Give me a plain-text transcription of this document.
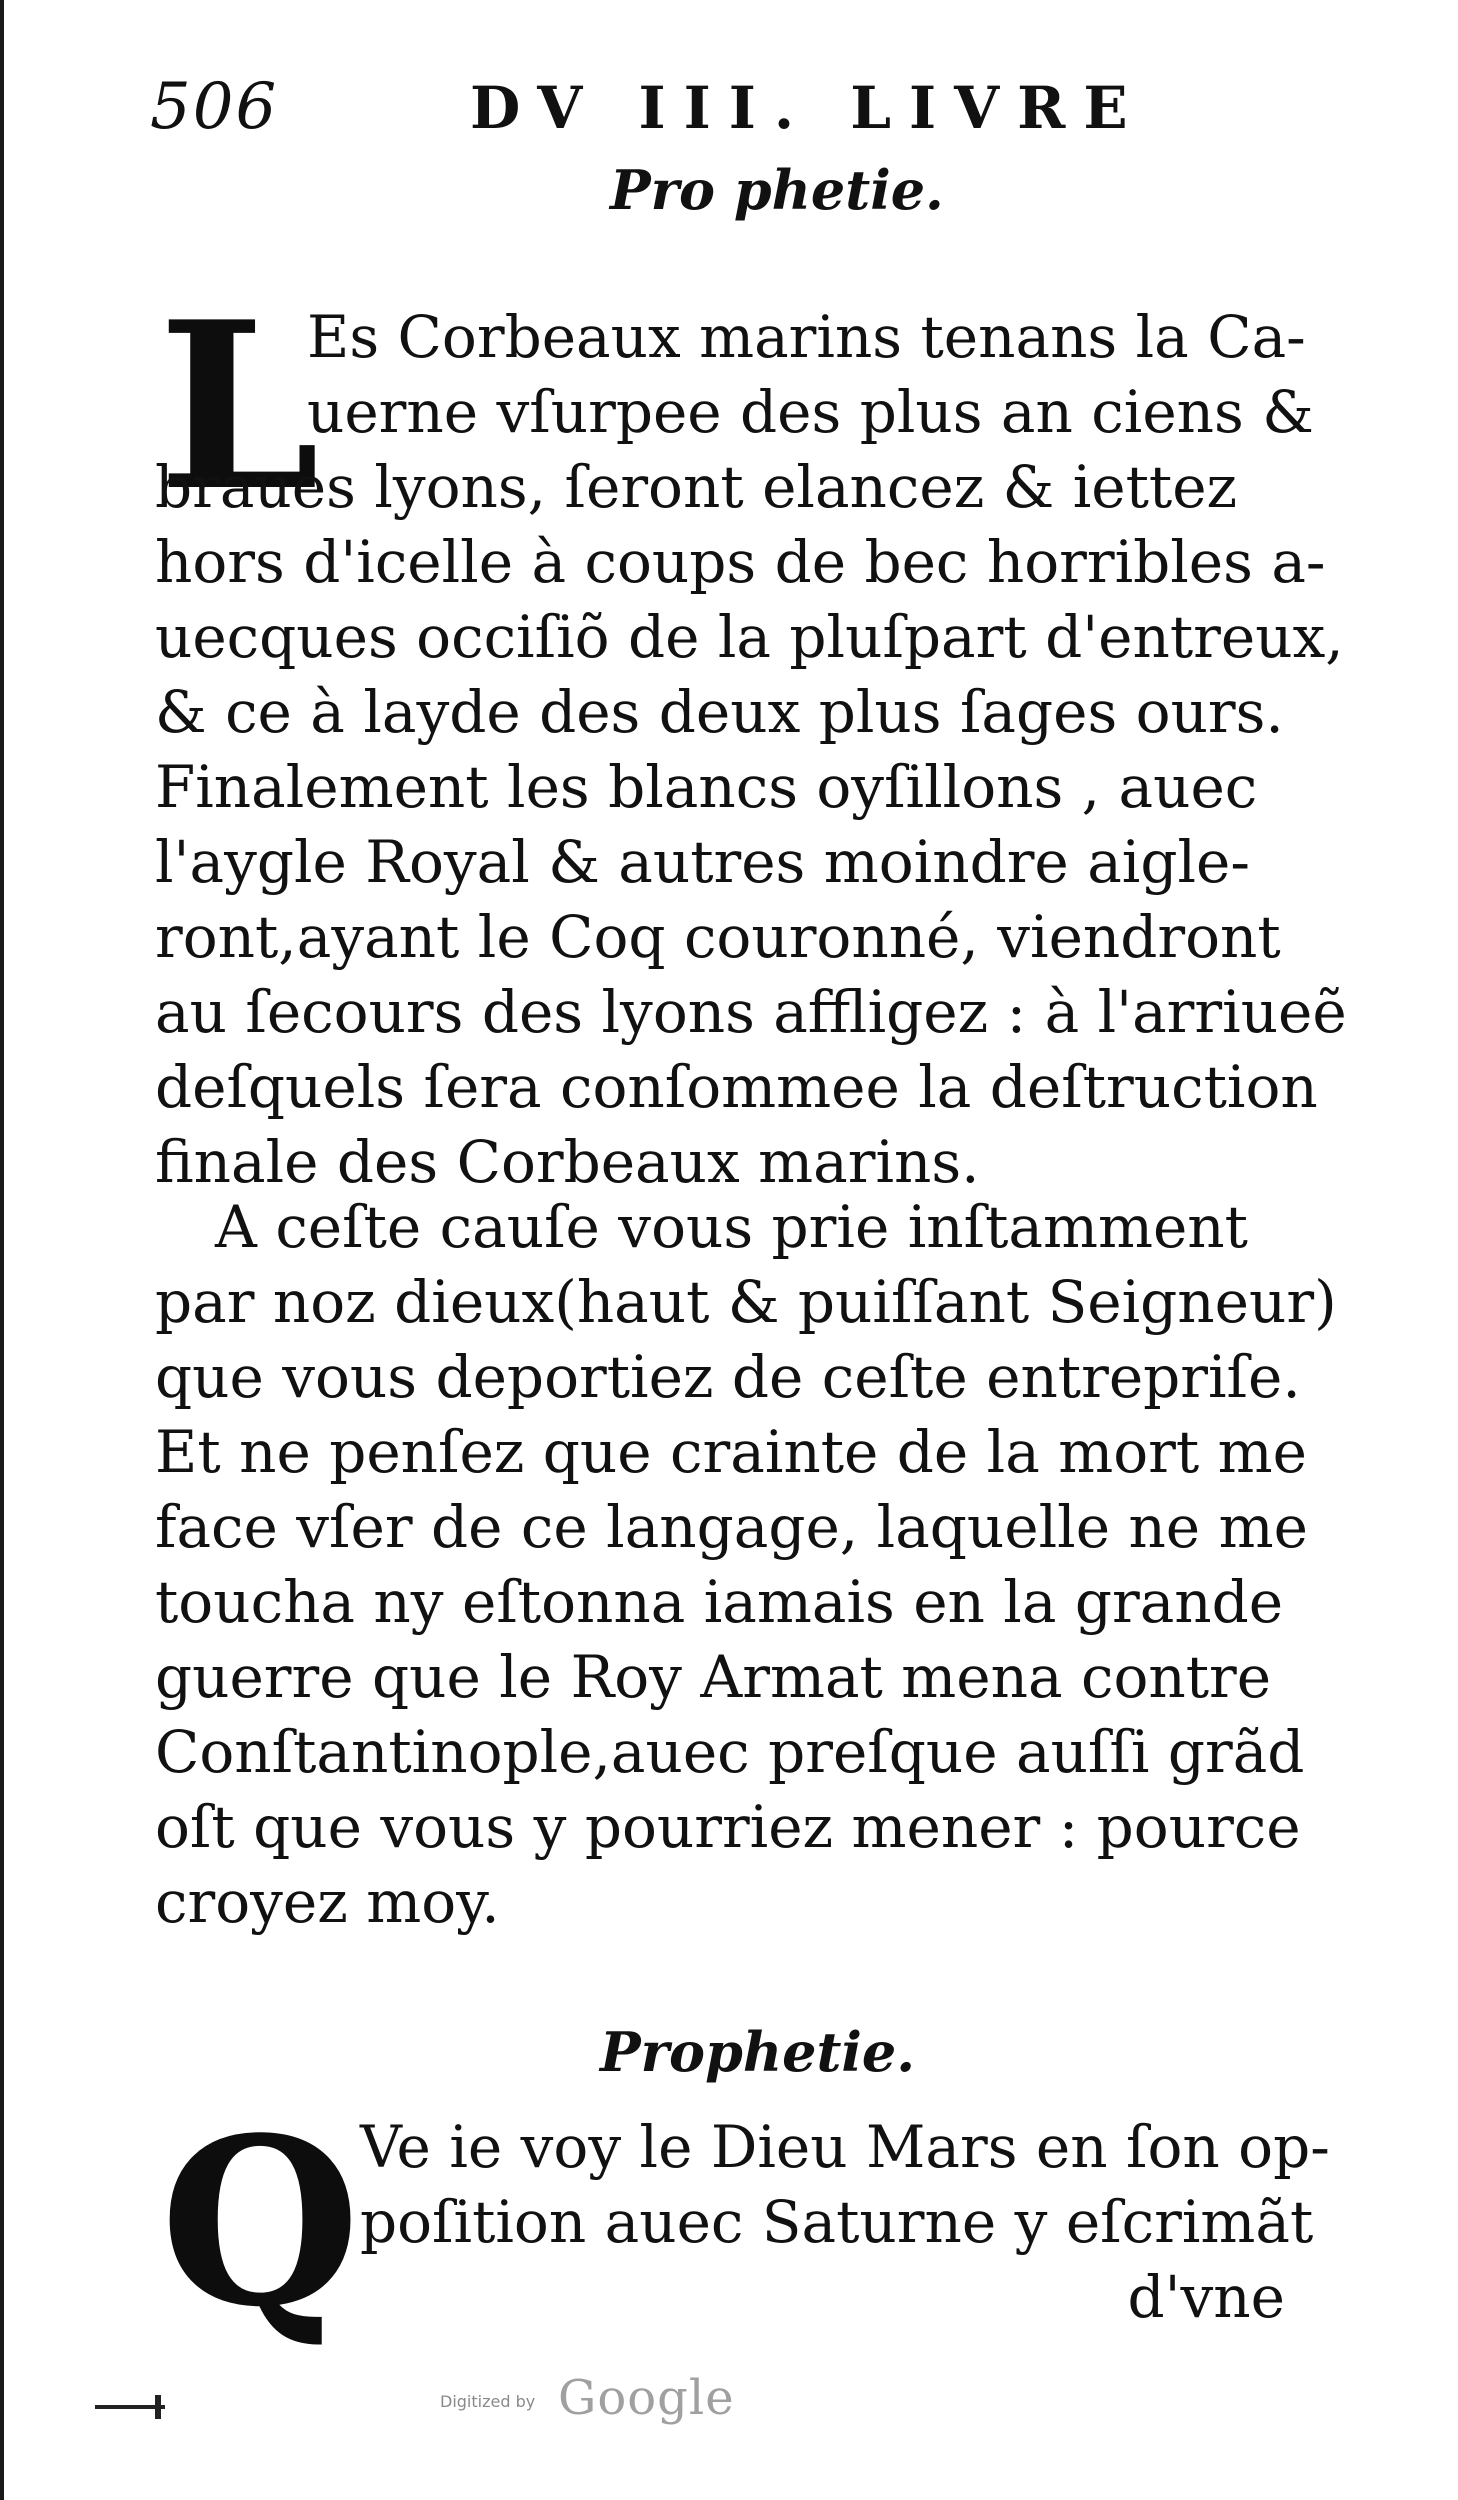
506	DV III. LIVRE
Pro phetie.
L
Es Corbeaux marins tenans la Ca-
uerne vſurpee des plus an ciens &
braues lyons, ſeront elancez & iettez
hors d'icelle à coups de bec horribles a-
uecques occiſiõ de la pluſpart d'entreux,
& ce à layde des deux plus ſages ours.
Finalement les blancs oyſillons , auec
l'aygle Royal & autres moindre aigle-
ront,ayant le Coq couronné, viendront
au ſecours des lyons affligez : à l'arriueẽ
deſquels ſera conſommee la deſtruction
finale des Corbeaux marins.
A ceſte cauſe vous prie inſtamment
par noz dieux(haut & puiſſant Seigneur)
que vous deportiez de ceſte entrepriſe.
Et ne penſez que crainte de la mort me
face vſer de ce langage, laquelle ne me
toucha ny eſtonna iamais en la grande
guerre que le Roy Armat mena contre
Conſtantinople,auec preſque auſſi grãd
oſt que vous y pourriez mener : pource
croyez moy.
Prophetie.
Q Ve ie voy le Dieu Mars en ſon op-
poſition auec Saturne y eſcrimãt
d'vne
Digitized by Google
